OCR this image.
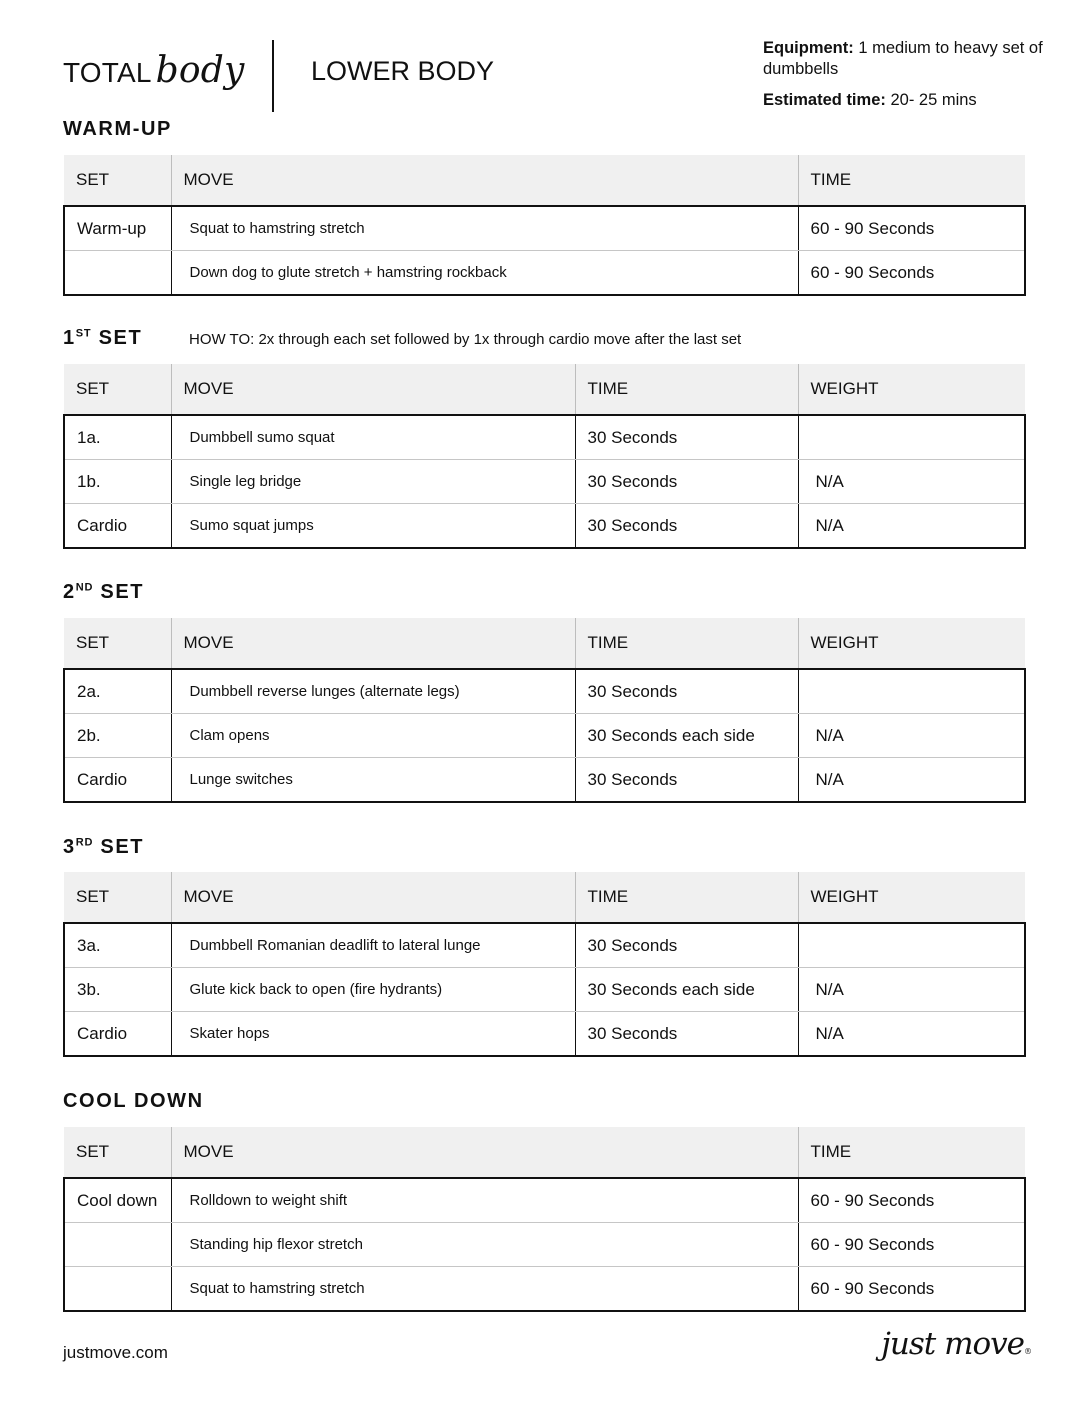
TOTAL body LOWER BODY
Equipment: 1 medium to heavy set of dumbbells
Estimated time: 20- 25 mins
WARM-UP
SET	MOVE	TIME
Warm-up	Squat to hamstring stretch	60 - 90 Seconds
	Down dog to glute stretch + hamstring rockback	60 - 90 Seconds
1ST SET	HOW TO: 2x through each set followed by 1x through cardio move after the last set
SET	MOVE	TIME	WEIGHT
1a.	Dumbbell sumo squat	30 Seconds	
1b.	Single leg bridge	30 Seconds	N/A
Cardio	Sumo squat jumps	30 Seconds	N/A
2ND SET
SET	MOVE	TIME	WEIGHT
2a.	Dumbbell reverse lunges (alternate legs)	30 Seconds	
2b.	Clam opens	30 Seconds each side	N/A
Cardio	Lunge switches	30 Seconds	N/A
3RD SET
SET	MOVE	TIME	WEIGHT
3a.	Dumbbell Romanian deadlift to lateral lunge	30 Seconds	
3b.	Glute kick back to open (fire hydrants)	30 Seconds each side	N/A
Cardio	Skater hops	30 Seconds	N/A
COOL DOWN
SET	MOVE	TIME
Cool down	Rolldown to weight shift	60 - 90 Seconds
	Standing hip flexor stretch	60 - 90 Seconds
	Squat to hamstring stretch	60 - 90 Seconds
justmove.com	just move®
